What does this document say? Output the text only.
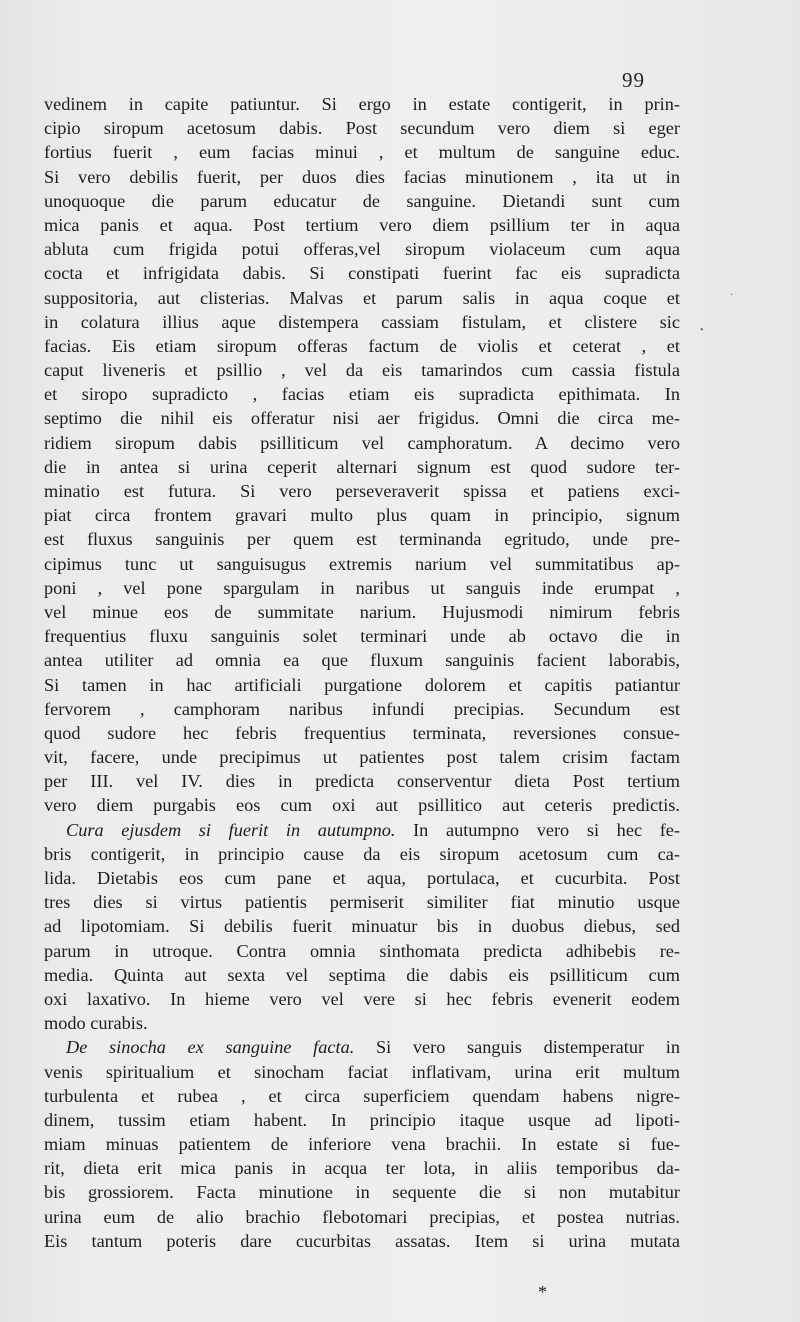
99
vedinem in capite patiuntur. Si ergo in estate contigerit, in prin-
cipio siropum acetosum dabis. Post secundum vero diem si eger
fortius fuerit , eum facias minui , et multum de sanguine educ.
Si vero debilis fuerit, per duos dies facias minutionem , ita ut in
unoquoque die parum educatur de sanguine. Dietandi sunt cum
mica panis et aqua. Post tertium vero diem psillium ter in aqua
abluta cum frigida potui offeras,vel siropum violaceum cum aqua
cocta et infrigidata dabis. Si constipati fuerint fac eis supradicta
suppositoria, aut clisterias. Malvas et parum salis in aqua coque et
in colatura illius aque distempera cassiam fistulam, et clistere sic
facias. Eis etiam siropum offeras factum de violis et ceterat , et
caput liveneris et psillio , vel da eis tamarindos cum cassia fistula
et siropo supradicto , facias etiam eis supradicta epithimata. In
septimo die nihil eis offeratur nisi aer frigidus. Omni die circa me-
ridiem siropum dabis psilliticum vel camphoratum. A decimo vero
die in antea si urina ceperit alternari signum est quod sudore ter-
minatio est futura. Si vero perseveraverit spissa et patiens exci-
piat circa frontem gravari multo plus quam in principio, signum
est fluxus sanguinis per quem est terminanda egritudo, unde pre-
cipimus tunc ut sanguisugus extremis narium vel summitatibus ap-
poni , vel pone spargulam in naribus ut sanguis inde erumpat ,
vel minue eos de summitate narium. Hujusmodi nimirum febris
frequentius fluxu sanguinis solet terminari unde ab octavo die in
antea utiliter ad omnia ea que fluxum sanguinis facient laborabis,
Si tamen in hac artificiali purgatione dolorem et capitis patiantur
fervorem , camphoram naribus infundi precipias. Secundum est
quod sudore hec febris frequentius terminata, reversiones consue-
vit, facere, unde precipimus ut patientes post talem crisim factam
per III. vel IV. dies in predicta conserventur dieta Post tertium
vero diem purgabis eos cum oxi aut psillitico aut ceteris predictis.
Cura ejusdem si fuerit in autumpno. In autumpno vero si hec fe-
bris contigerit, in principio cause da eis siropum acetosum cum ca-
lida. Dietabis eos cum pane et aqua, portulaca, et cucurbita. Post
tres dies si virtus patientis permiserit similiter fiat minutio usque
ad lipotomiam. Si debilis fuerit minuatur bis in duobus diebus, sed
parum in utroque. Contra omnia sinthomata predicta adhibebis re-
media. Quinta aut sexta vel septima die dabis eis psilliticum cum
oxi laxativo. In hieme vero vel vere si hec febris evenerit eodem
modo curabis.
De sinocha ex sanguine facta. Si vero sanguis distemperatur in
venis spiritualium et sinocham faciat inflativam, urina erit multum
turbulenta et rubea , et circa superficiem quendam habens nigre-
dinem, tussim etiam habent. In principio itaque usque ad lipoti-
miam minuas patientem de inferiore vena brachii. In estate si fue-
rit, dieta erit mica panis in acqua ter lota, in aliis temporibus da-
bis grossiorem. Facta minutione in sequente die si non mutabitur
urina eum de alio brachio flebotomari precipias, et postea nutrias.
Eis tantum poteris dare cucurbitas assatas. Item si urina mutata
*
•
·
